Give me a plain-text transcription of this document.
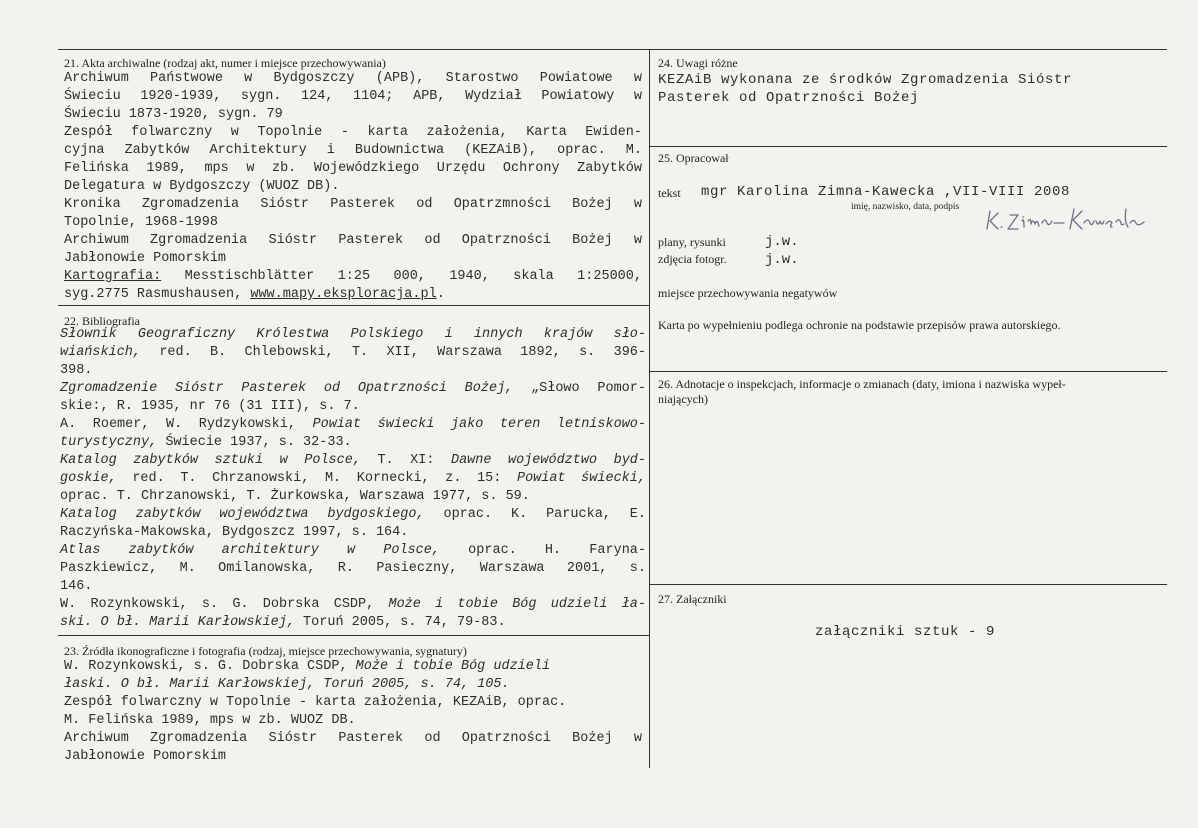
21. Akta archiwalne (rodzaj akt, numer i miejsce przechowywania)
Archiwum Państwowe w Bydgoszczy (APB), Starostwo Powiatowe w
Świeciu 1920-1939, sygn. 124, 1104; APB, Wydział Powiatowy w
Świeciu 1873-1920, sygn. 79
Zespół folwarczny w Topolnie - karta założenia, Karta Ewiden-
cyjna Zabytków Architektury i Budownictwa (KEZAiB), oprac. M.
Felińska 1989, mps w zb. Wojewódzkiego Urzędu Ochrony Zabytków
Delegatura w Bydgoszczy (WUOZ DB).
Kronika Zgromadzenia Sióstr Pasterek od Opatrzmności Bożej w
Topolnie, 1968-1998
Archiwum Zgromadzenia Sióstr Pasterek od Opatrzności Bożej w
Jabłonowie Pomorskim
Kartografia: Messtischblätter 1:25 000, 1940, skala 1:25000,
syg.2775 Rasmushausen, www.mapy.eksploracja.pl.
22. Bibliografia
Słownik Geograficzny Królestwa Polskiego i innych krajów sło-
wiańskich, red. B. Chlebowski, T. XII, Warszawa 1892, s. 396-
398.
Zgromadzenie Sióstr Pasterek od Opatrzności Bożej, „Słowo Pomor-
skie:, R. 1935, nr 76 (31 III), s. 7.
A. Roemer, W. Rydzykowski, Powiat świecki jako teren letniskowo-
turystyczny, Świecie 1937, s. 32-33.
Katalog zabytków sztuki w Polsce, T. XI: Dawne województwo byd-
goskie, red. T. Chrzanowski, M. Kornecki, z. 15: Powiat świecki,
oprac. T. Chrzanowski, T. Żurkowska, Warszawa 1977, s. 59.
Katalog zabytków województwa bydgoskiego, oprac. K. Parucka, E.
Raczyńska-Makowska, Bydgoszcz 1997, s. 164.
Atlas zabytków architektury w Polsce, oprac. H. Faryna-
Paszkiewicz, M. Omilanowska, R. Pasieczny, Warszawa 2001, s.
146.
W. Rozynkowski, s. G. Dobrska CSDP, Może i tobie Bóg udzieli ła-
ski. O bł. Marii Karłowskiej, Toruń 2005, s. 74, 79-83.
23. Źródła ikonograficzne i fotografia (rodzaj, miejsce przechowywania, sygnatury)
W. Rozynkowski, s. G. Dobrska CSDP, Może i tobie Bóg udzieli
łaski. O bł. Marii Karłowskiej, Toruń 2005, s. 74, 105.
Zespół folwarczny w Topolnie - karta założenia, KEZAiB, oprac.
M. Felińska 1989, mps w zb. WUOZ DB.
Archiwum Zgromadzenia Sióstr Pasterek od Opatrzności Bożej w
Jabłonowie Pomorskim
24. Uwagi różne
KEZAiB wykonana ze środków Zgromadzenia Sióstr
Pasterek od Opatrzności Bożej
25. Opracował
tekst mgr Karolina Zimna-Kawecka ,VII-VIII 2008
imię, nazwisko, data, podpis
plany, rysunki	j.w.
zdjęcia fotogr.	j.w.
miejsce przechowywania negatywów
Karta po wypełnieniu podlega ochronie na podstawie przepisów prawa autorskiego.
26. Adnotacje o inspekcjach, informacje o zmianach (daty, imiona i nazwiska wypeł-
niających)
27. Załączniki
załączniki sztuk - 9
